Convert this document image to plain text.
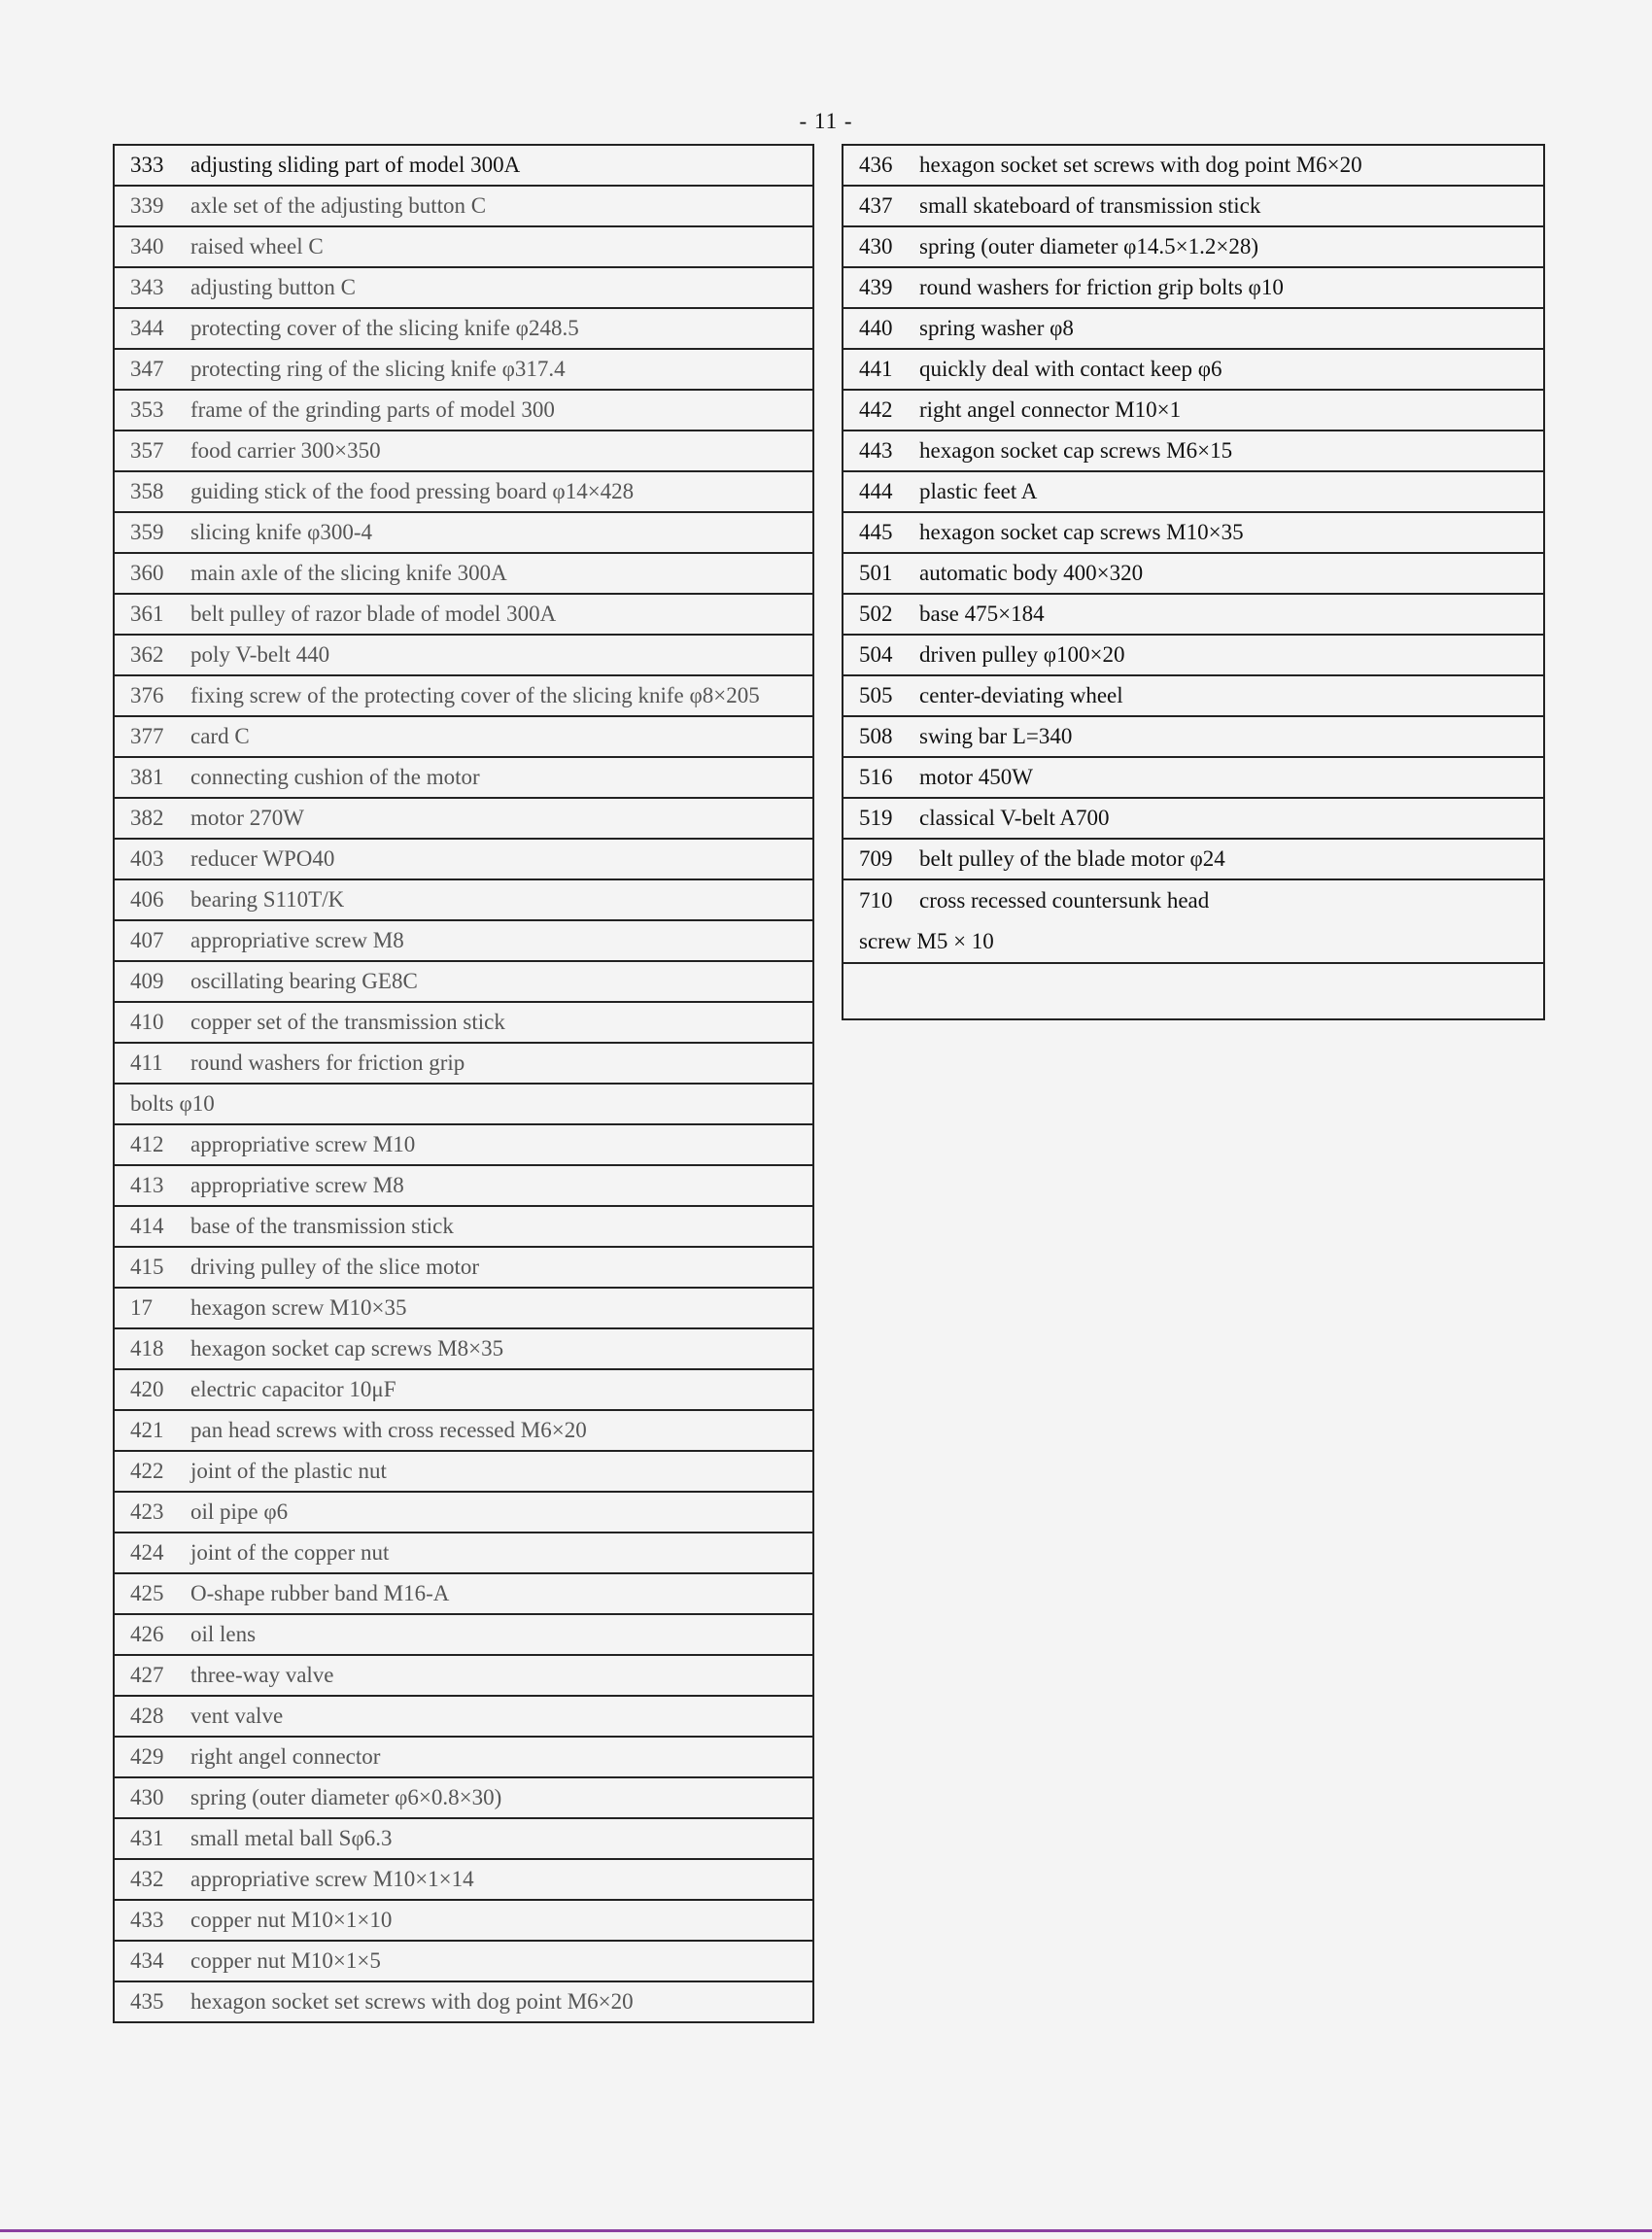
- 11 -
333 adjusting sliding part of model 300A
339 axle set of the adjusting button C
340 raised wheel C
343 adjusting button C
344 protecting cover of the slicing knife φ248.5
347 protecting ring of the slicing knife φ317.4
353 frame of the grinding parts of model 300
357 food carrier 300×350
358 guiding stick of the food pressing board φ14×428
359 slicing knife φ300-4
360 main axle of the slicing knife 300A
361 belt pulley of razor blade of model 300A
362 poly V-belt 440
376 fixing screw of the protecting cover of the slicing knife φ8×205
377 card C
381 connecting cushion of the motor
382 motor 270W
403 reducer WPO40
406 bearing S110T/K
407 appropriative screw M8
409 oscillating bearing GE8C
410 copper set of the transmission stick
411 round washers for friction grip
bolts φ10
412 appropriative screw M10
413 appropriative screw M8
414 base of the transmission stick
415 driving pulley of the slice motor
17 hexagon screw M10×35
418 hexagon socket cap screws M8×35
420 electric capacitor 10μF
421 pan head screws with cross recessed M6×20
422 joint of the plastic nut
423 oil pipe φ6
424 joint of the copper nut
425 O-shape rubber band M16-A
426 oil lens
427 three-way valve
428 vent valve
429 right angel connector
430 spring (outer diameter φ6×0.8×30)
431 small metal ball Sφ6.3
432 appropriative screw M10×1×14
433 copper nut M10×1×10
434 copper nut M10×1×5
435 hexagon socket set screws with dog point M6×20
436 hexagon socket set screws with dog point M6×20
437 small skateboard of transmission stick
430 spring (outer diameter φ14.5×1.2×28)
439 round washers for friction grip bolts φ10
440 spring washer φ8
441 quickly deal with contact keep φ6
442 right angel connector M10×1
443 hexagon socket cap screws M6×15
444 plastic feet A
445 hexagon socket cap screws M10×35
501 automatic body 400×320
502 base 475×184
504 driven pulley φ100×20
505 center-deviating wheel
508 swing bar L=340
516 motor 450W
519 classical V-belt A700
709 belt pulley of the blade motor φ24
710 cross recessed countersunk head
screw M5 × 10
